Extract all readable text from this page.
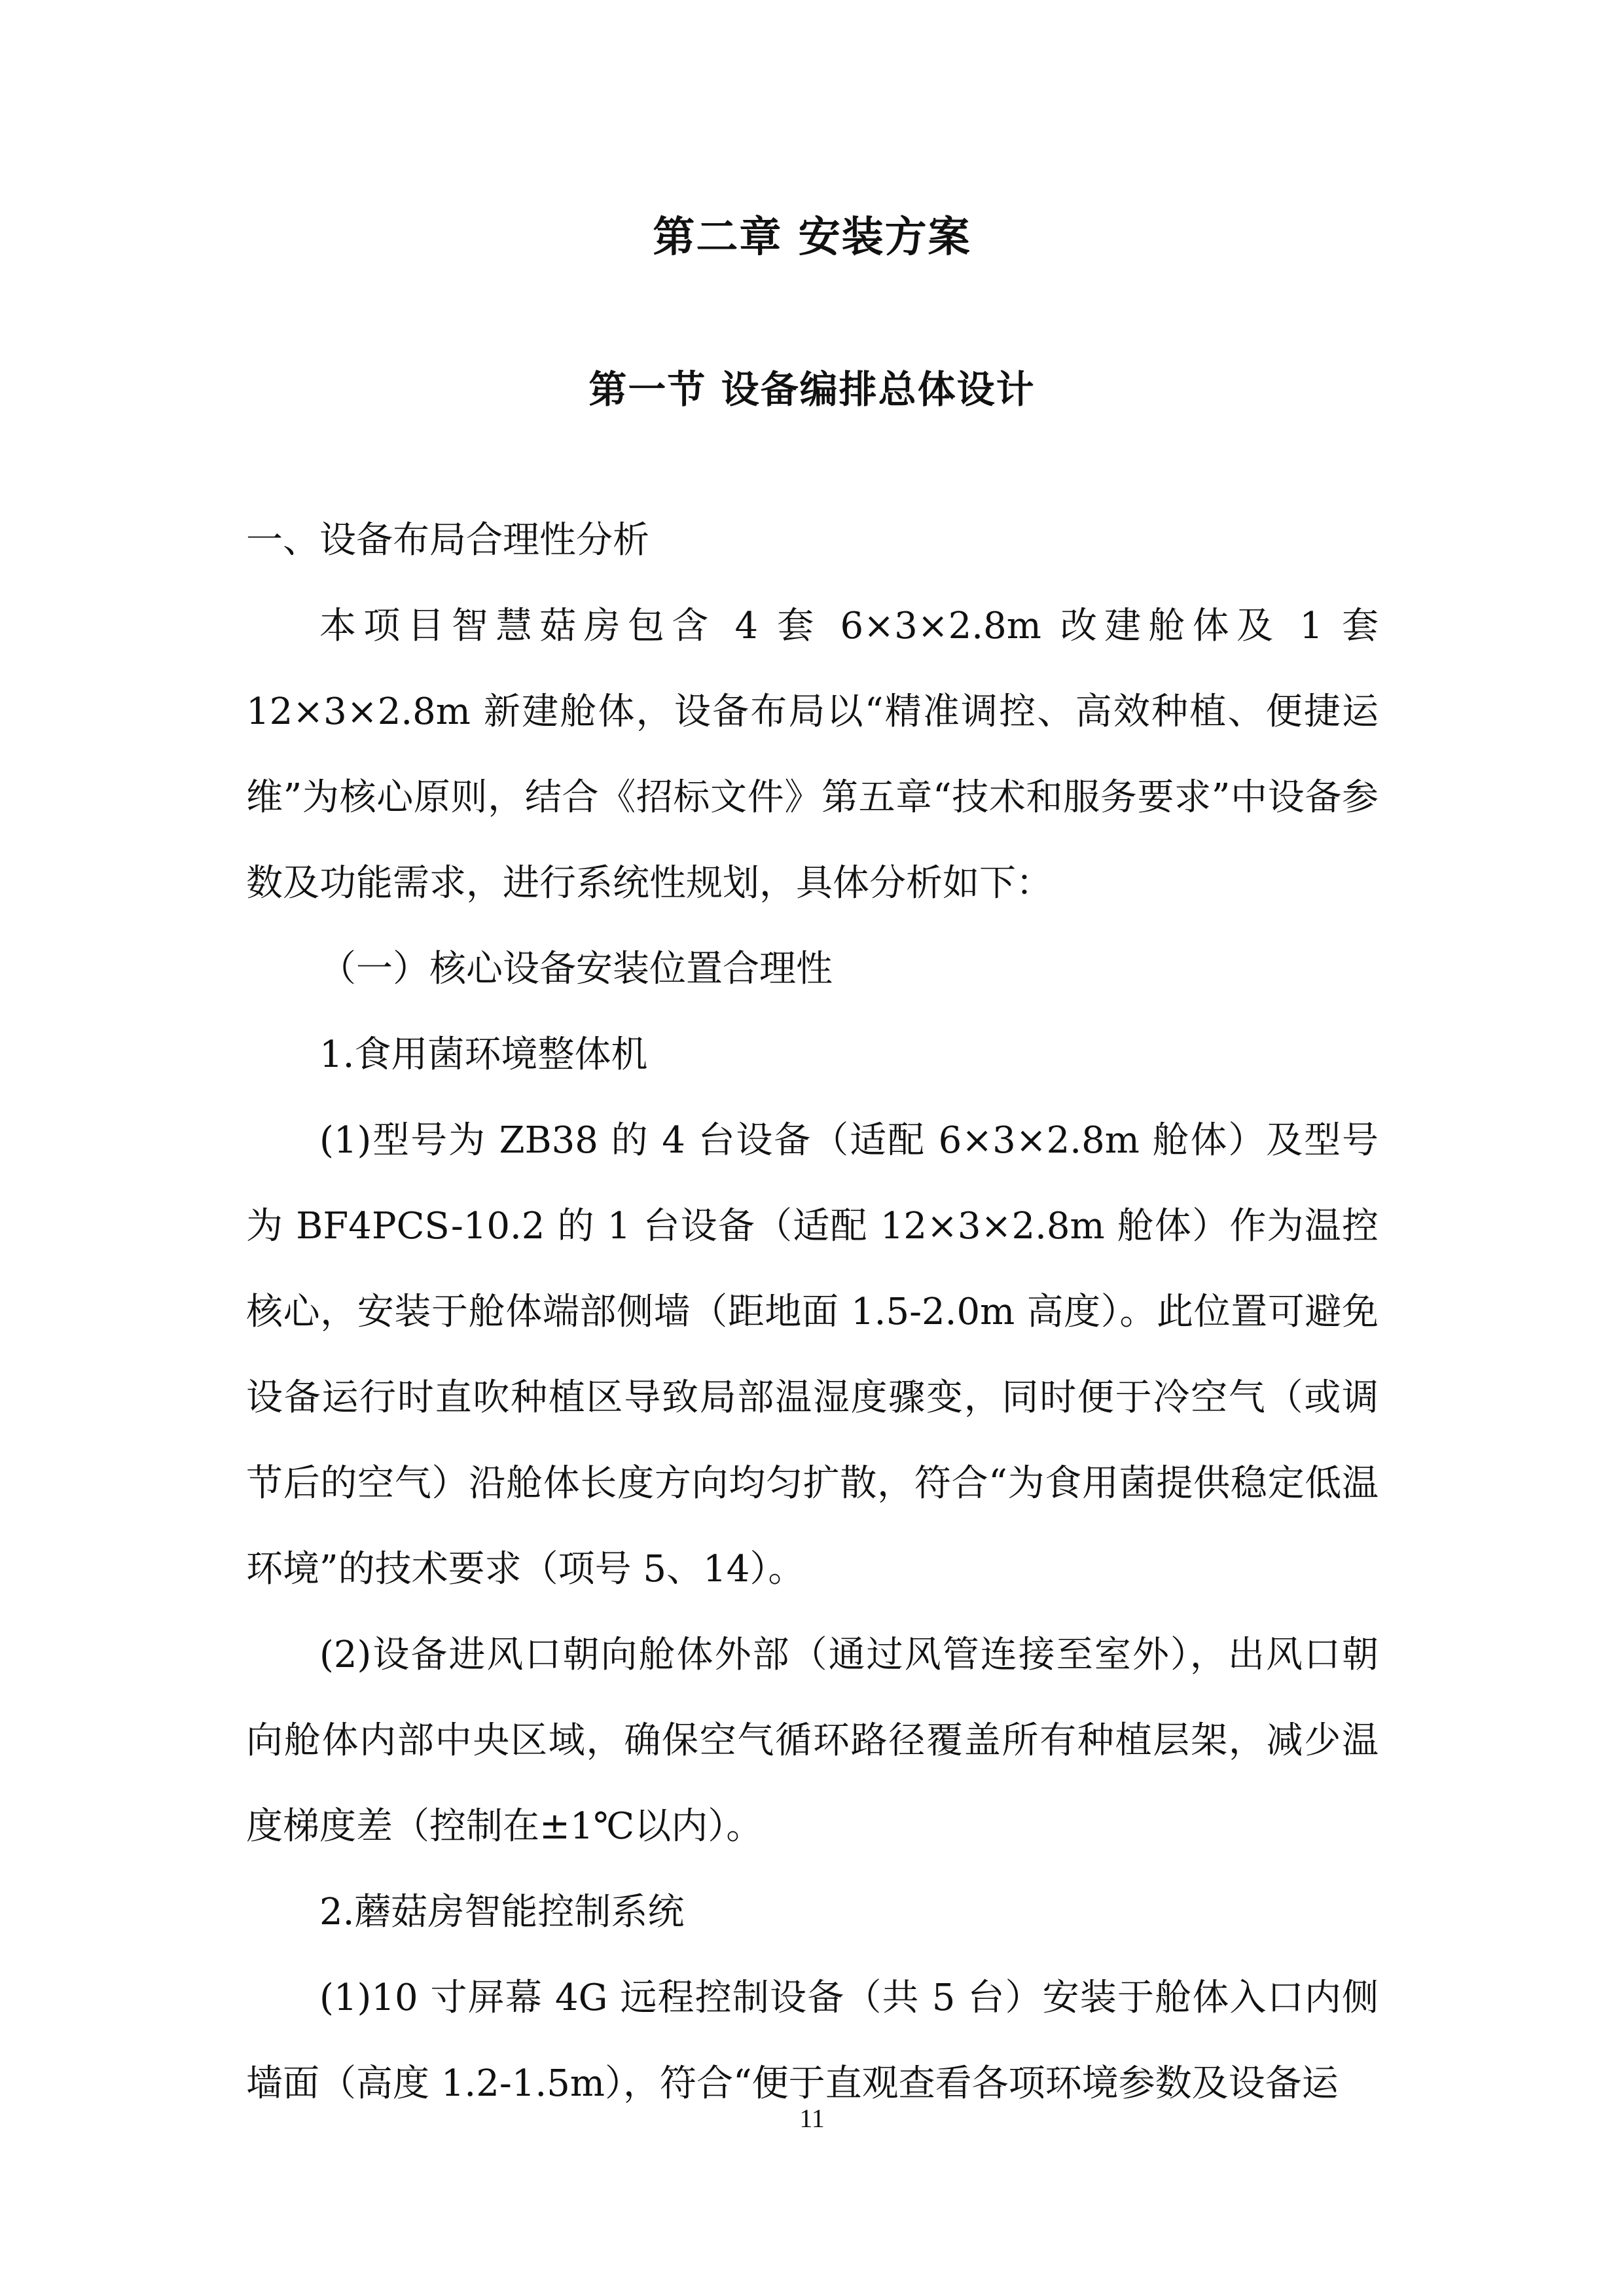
第二章 安装方案
第一节 设备编排总体设计

一、设备布局合理性分析

本项目智慧菇房包含 4 套 6×3×2.8m 改建舱体及 1 套 12×3×2.8m 新建舱体，设备布局以“精准调控、高效种植、便捷运维”为核心原则，结合《招标文件》第五章“技术和服务要求”中设备参数及功能需求，进行系统性规划，具体分析如下：

（一）核心设备安装位置合理性

1.食用菌环境整体机

(1)型号为 ZB38 的 4 台设备（适配 6×3×2.8m 舱体）及型号为 BF4PCS-10.2 的 1 台设备（适配 12×3×2.8m 舱体）作为温控核心，安装于舱体端部侧墙（距地面 1.5-2.0m 高度）。此位置可避免设备运行时直吹种植区导致局部温湿度骤变，同时便于冷空气（或调节后的空气）沿舱体长度方向均匀扩散，符合“为食用菌提供稳定低温环境”的技术要求（项号 5、14）。

(2)设备进风口朝向舱体外部（通过风管连接至室外），出风口朝向舱体内部中央区域，确保空气循环路径覆盖所有种植层架，减少温度梯度差（控制在±1℃以内）。

2.蘑菇房智能控制系统

(1)10 寸屏幕 4G 远程控制设备（共 5 台）安装于舱体入口内侧墙面（高度 1.2-1.5m），符合“便于直观查看各项环境参数及设备运

11
